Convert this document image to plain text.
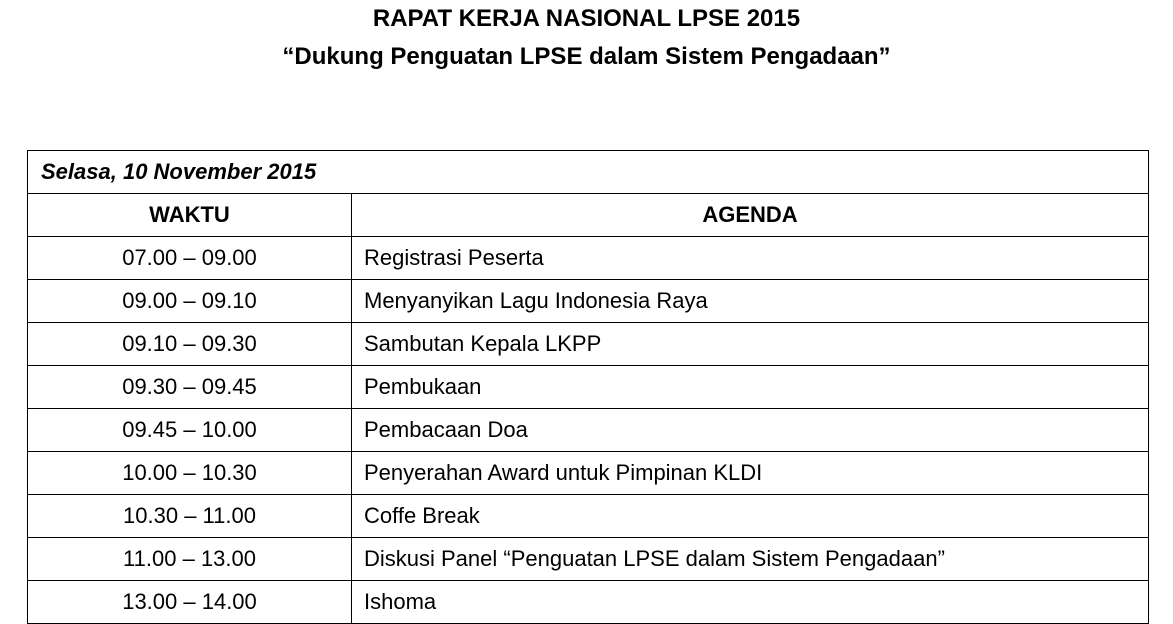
RAPAT KERJA NASIONAL LPSE 2015
“Dukung Penguatan LPSE dalam Sistem Pengadaan”
Selasa, 10 November 2015	
WAKTU	AGENDA
07.00 – 09.00	Registrasi Peserta
09.00 – 09.10	Menyanyikan Lagu Indonesia Raya
09.10 – 09.30	Sambutan Kepala LKPP
09.30 – 09.45	Pembukaan
09.45 – 10.00	Pembacaan Doa
10.00 – 10.30	Penyerahan Award untuk Pimpinan KLDI
10.30 – 11.00	Coffe Break
11.00 – 13.00	Diskusi Panel “Penguatan LPSE dalam Sistem Pengadaan”
13.00 – 14.00	Ishoma
